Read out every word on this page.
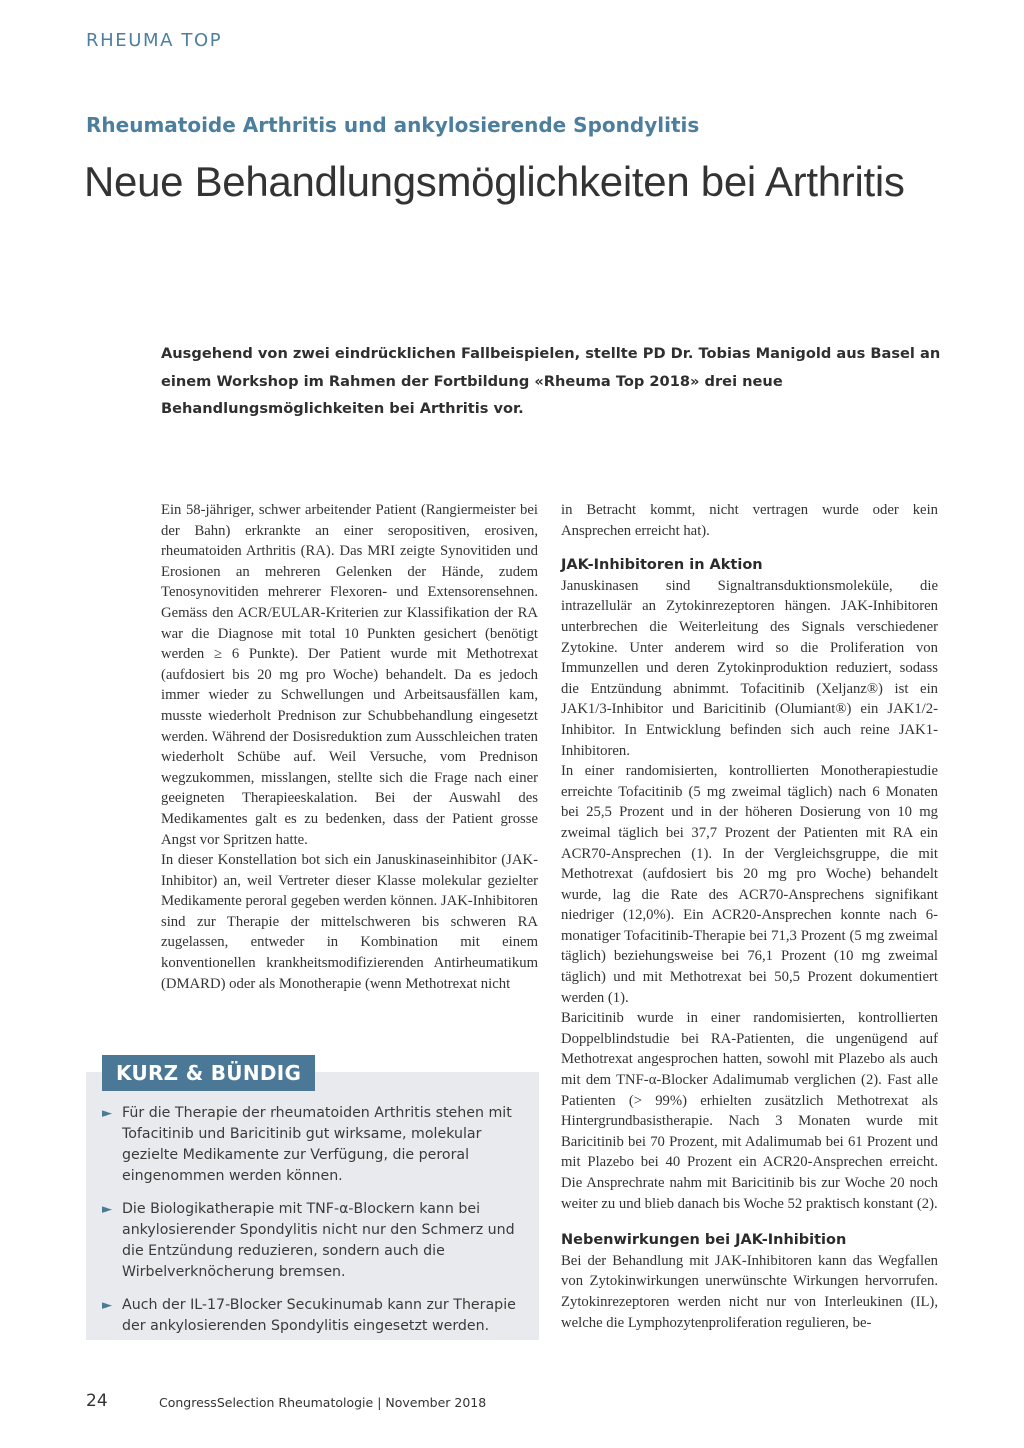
RHEUMA TOP
Rheumatoide Arthritis und ankylosierende Spondylitis
Neue Behandlungsmöglichkeiten bei Arthritis
Ausgehend von zwei eindrücklichen Fallbeispielen, stellte PD Dr. Tobias Manigold aus Basel an einem Workshop im Rahmen der Fortbildung «Rheuma Top 2018» drei neue Behandlungsmöglichkeiten bei Arthritis vor.

Ein 58-jähriger, schwer arbeitender Patient (Rangiermeister bei der Bahn) erkrankte an einer seropositiven, erosiven, rheumatoiden Arthritis (RA). Das MRI zeigte Synovitiden und Erosionen an mehreren Gelenken der Hände, zudem Tenosynovitiden mehrerer Flexoren- und Extensorensehnen. Gemäss den ACR/EULAR-Kriterien zur Klassifikation der RA war die Diagnose mit total 10 Punkten gesichert (benötigt werden ≥ 6 Punkte). Der Patient wurde mit Methotrexat (aufdosiert bis 20 mg pro Woche) behandelt. Da es jedoch immer wieder zu Schwellungen und Arbeitsausfällen kam, musste wiederholt Prednison zur Schubbehandlung eingesetzt werden. Während der Dosisreduktion zum Ausschleichen traten wiederholt Schübe auf. Weil Versuche, vom Prednison wegzukommen, misslangen, stellte sich die Frage nach einer geeigneten Therapieeskalation. Bei der Auswahl des Medikamentes galt es zu bedenken, dass der Patient grosse Angst vor Spritzen hatte.

In dieser Konstellation bot sich ein Januskinaseinhibitor (JAK-Inhibitor) an, weil Vertreter dieser Klasse molekular gezielter Medikamente peroral gegeben werden können. JAK-Inhibitoren sind zur Therapie der mittelschweren bis schweren RA zugelassen, entweder in Kombination mit einem konventionellen krankheitsmodifizierenden Antirheumatikum (DMARD) oder als Monotherapie (wenn Methotrexat nicht

in Betracht kommt, nicht vertragen wurde oder kein Ansprechen erreicht hat).

JAK-Inhibitoren in Aktion

Januskinasen sind Signaltransduktionsmoleküle, die intrazellulär an Zytokinrezeptoren hängen. JAK-Inhibitoren unterbrechen die Weiterleitung des Signals verschiedener Zytokine. Unter anderem wird so die Proliferation von Immunzellen und deren Zytokinproduktion reduziert, sodass die Entzündung abnimmt. Tofacitinib (Xeljanz®) ist ein JAK1/3-Inhibitor und Baricitinib (Olumiant®) ein JAK1/2-Inhibitor. In Entwicklung befinden sich auch reine JAK1-Inhibitoren.

In einer randomisierten, kontrollierten Monotherapiestudie erreichte Tofacitinib (5 mg zweimal täglich) nach 6 Monaten bei 25,5 Prozent und in der höheren Dosierung von 10 mg zweimal täglich bei 37,7 Prozent der Patienten mit RA ein ACR70-Ansprechen (1). In der Vergleichsgruppe, die mit Methotrexat (aufdosiert bis 20 mg pro Woche) behandelt wurde, lag die Rate des ACR70-Ansprechens signifikant niedriger (12,0%). Ein ACR20-Ansprechen konnte nach 6-monatiger Tofacitinib-Therapie bei 71,3 Prozent (5 mg zweimal täglich) beziehungsweise bei 76,1 Prozent (10 mg zweimal täglich) und mit Methotrexat bei 50,5 Prozent dokumentiert werden (1).

Baricitinib wurde in einer randomisierten, kontrollierten Doppelblindstudie bei RA-Patienten, die ungenügend auf Methotrexat angesprochen hatten, sowohl mit Plazebo als auch mit dem TNF-α-Blocker Adalimumab verglichen (2). Fast alle Patienten (> 99%) erhielten zusätzlich Methotrexat als Hintergrundbasistherapie. Nach 3 Monaten wurde mit Baricitinib bei 70 Prozent, mit Adalimumab bei 61 Prozent und mit Plazebo bei 40 Prozent ein ACR20-Ansprechen erreicht. Die Ansprechrate nahm mit Baricitinib bis zur Woche 20 noch weiter zu und blieb danach bis Woche 52 praktisch konstant (2).

Nebenwirkungen bei JAK-Inhibition

Bei der Behandlung mit JAK-Inhibitoren kann das Wegfallen von Zytokinwirkungen unerwünschte Wirkungen hervorrufen. Zytokinrezeptoren werden nicht nur von Interleukinen (IL), welche die Lymphozytenproliferation regulieren, be-

KURZ & BÜNDIG
► Für die Therapie der rheumatoiden Arthritis stehen mit Tofacitinib und Baricitinib gut wirksame, molekular gezielte Medikamente zur Verfügung, die peroral eingenommen werden können.
► Die Biologikatherapie mit TNF-α-Blockern kann bei ankylosierender Spondylitis nicht nur den Schmerz und die Entzündung reduzieren, sondern auch die Wirbelverknöcherung bremsen.
► Auch der IL-17-Blocker Secukinumab kann zur Therapie der ankylosierenden Spondylitis eingesetzt werden.
24	CongressSelection Rheumatologie | November 2018
